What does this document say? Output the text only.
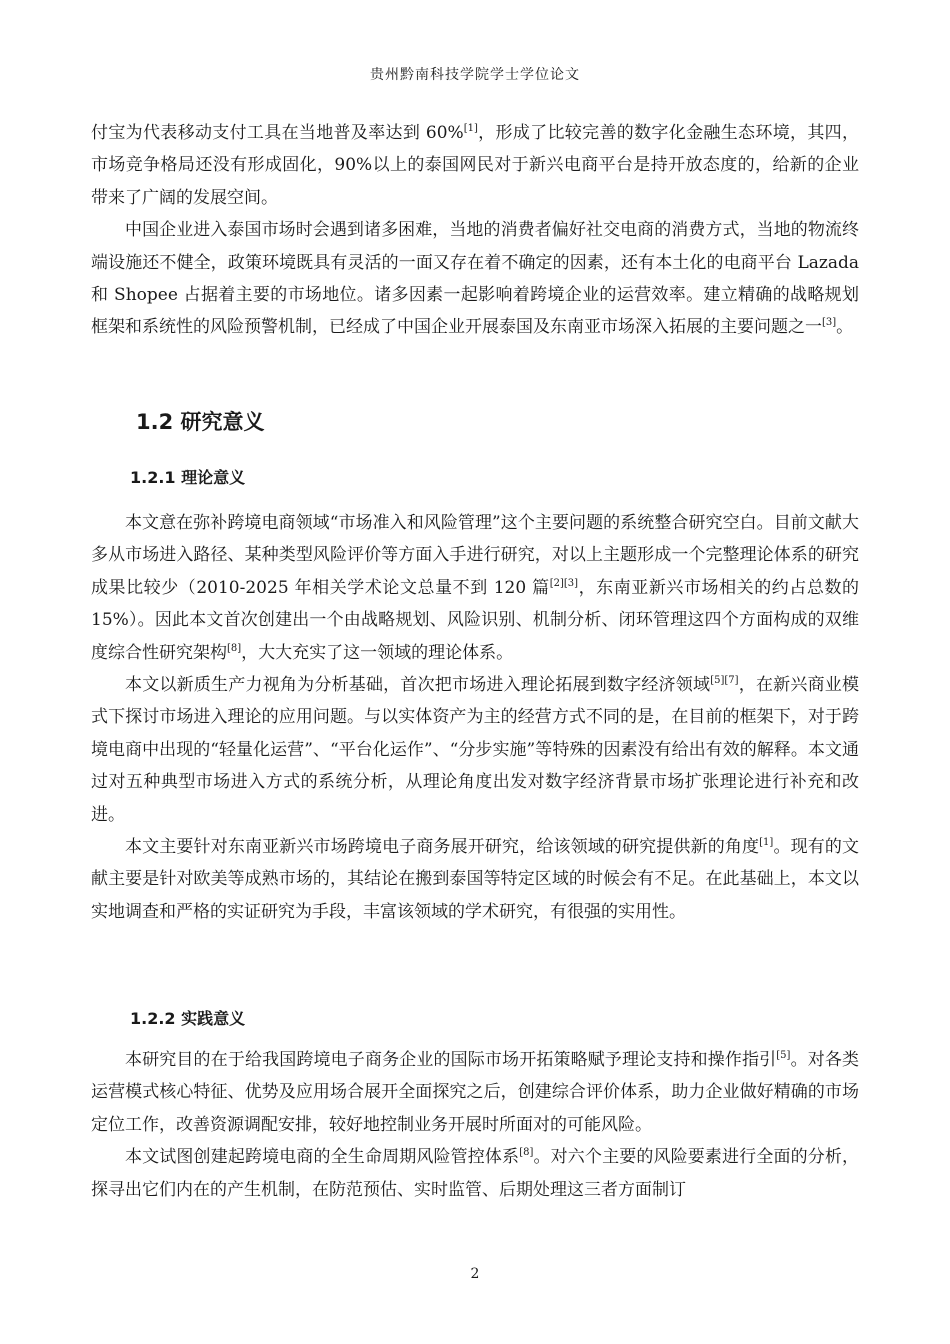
贵州黔南科技学院学士学位论文

付宝为代表移动支付工具在当地普及率达到 60%[1]，形成了比较完善的数字化金融生态环境，其四，市场竞争格局还没有形成固化，90%以上的泰国网民对于新兴电商平台是持开放态度的，给新的企业带来了广阔的发展空间。

中国企业进入泰国市场时会遇到诸多困难，当地的消费者偏好社交电商的消费方式，当地的物流终端设施还不健全，政策环境既具有灵活的一面又存在着不确定的因素，还有本土化的电商平台 Lazada 和 Shopee 占据着主要的市场地位。诸多因素一起影响着跨境企业的运营效率。建立精确的战略规划框架和系统性的风险预警机制，已经成了中国企业开展泰国及东南亚市场深入拓展的主要问题之一[3]。

1.2 研究意义
1.2.1 理论意义

本文意在弥补跨境电商领域“市场准入和风险管理”这个主要问题的系统整合研究空白。目前文献大多从市场进入路径、某种类型风险评价等方面入手进行研究，对以上主题形成一个完整理论体系的研究成果比较少（2010-2025 年相关学术论文总量不到 120 篇[2][3]，东南亚新兴市场相关的约占总数的 15%）。因此本文首次创建出一个由战略规划、风险识别、机制分析、闭环管理这四个方面构成的双维度综合性研究架构[8]，大大充实了这一领域的理论体系。

本文以新质生产力视角为分析基础，首次把市场进入理论拓展到数字经济领域[5][7]，在新兴商业模式下探讨市场进入理论的应用问题。与以实体资产为主的经营方式不同的是，在目前的框架下，对于跨境电商中出现的“轻量化运营”、“平台化运作”、“分步实施”等特殊的因素没有给出有效的解释。本文通过对五种典型市场进入方式的系统分析，从理论角度出发对数字经济背景市场扩张理论进行补充和改进。

本文主要针对东南亚新兴市场跨境电子商务展开研究，给该领域的研究提供新的角度[1]。现有的文献主要是针对欧美等成熟市场的，其结论在搬到泰国等特定区域的时候会有不足。在此基础上，本文以实地调查和严格的实证研究为手段，丰富该领域的学术研究，有很强的实用性。

1.2.2 实践意义

本研究目的在于给我国跨境电子商务企业的国际市场开拓策略赋予理论支持和操作指引[5]。对各类运营模式核心特征、优势及应用场合展开全面探究之后，创建综合评价体系，助力企业做好精确的市场定位工作，改善资源调配安排，较好地控制业务开展时所面对的可能风险。

本文试图创建起跨境电商的全生命周期风险管控体系[8]。对六个主要的风险要素进行全面的分析，探寻出它们内在的产生机制，在防范预估、实时监管、后期处理这三者方面制订

2
